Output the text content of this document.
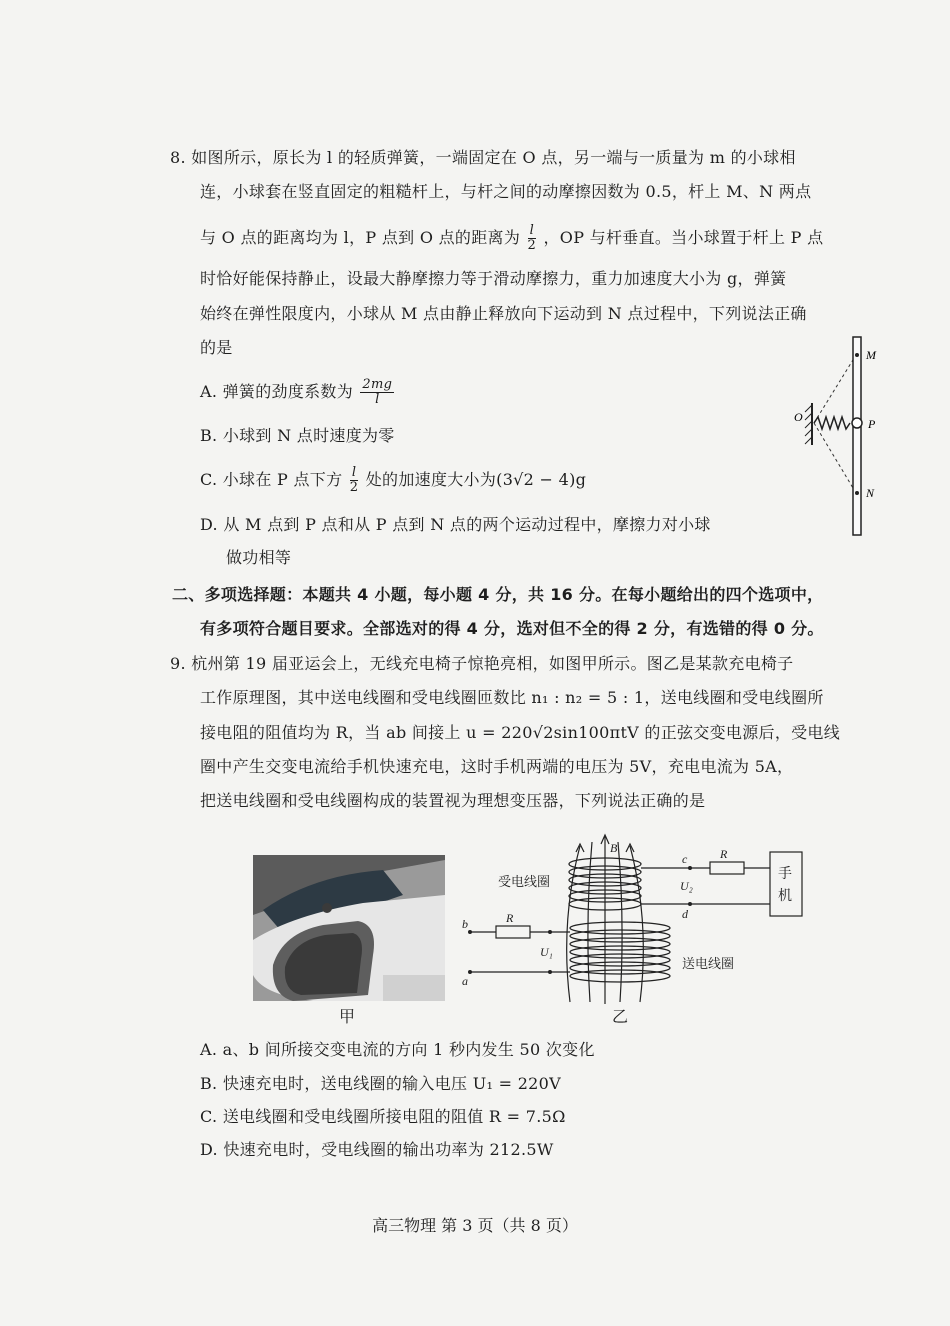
8. 如图所示，原长为 l 的轻质弹簧，一端固定在 O 点，另一端与一质量为 m 的小球相
连，小球套在竖直固定的粗糙杆上，与杆之间的动摩擦因数为 0.5，杆上 M、N 两点
与 O 点的距离均为 l，P 点到 O 点的距离为 $\frac{l}{2}$ ，OP 与杆垂直。当小球置于杆上 P 点
时恰好能保持静止，设最大静摩擦力等于滑动摩擦力，重力加速度大小为 g，弹簧
始终在弹性限度内，小球从 M 点由静止释放向下运动到 N 点过程中，下列说法正确
的是
A. 弹簧的劲度系数为 $\frac{2mg}{l}$
B. 小球到 N 点时速度为零
C. 小球在 P 点下方 $\frac{l}{2}$ 处的加速度大小为(3√2 − 4)g
D. 从 M 点到 P 点和从 P 点到 N 点的两个运动过程中，摩擦力对小球
做功相等
M
O	P
N
二、多项选择题：本题共 4 小题，每小题 4 分，共 16 分。在每小题给出的四个选项中，
有多项符合题目要求。全部选对的得 4 分，选对但不全的得 2 分，有选错的得 0 分。
9. 杭州第 19 届亚运会上，无线充电椅子惊艳亮相，如图甲所示。图乙是某款充电椅子
工作原理图，其中送电线圈和受电线圈匝数比 n₁ : n₂ = 5 : 1，送电线圈和受电线圈所
接电阻的阻值均为 R，当 ab 间接上 u = 220√2sin100πtV 的正弦交变电源后，受电线
圈中产生交变电流给手机快速充电，这时手机两端的电压为 5V，充电电流为 5A，
把送电线圈和受电线圈构成的装置视为理想变压器，下列说法正确的是
甲
B	R
c
d
U₂
R
U₁
b
a
受电线圈
送电线圈
手
机
乙
A. a、b 间所接交变电流的方向 1 秒内发生 50 次变化
B. 快速充电时，送电线圈的输入电压 U₁ = 220V
C. 送电线圈和受电线圈所接电阻的阻值 R = 7.5Ω
D. 快速充电时，受电线圈的输出功率为 212.5W
高三物理 第 3 页（共 8 页）
